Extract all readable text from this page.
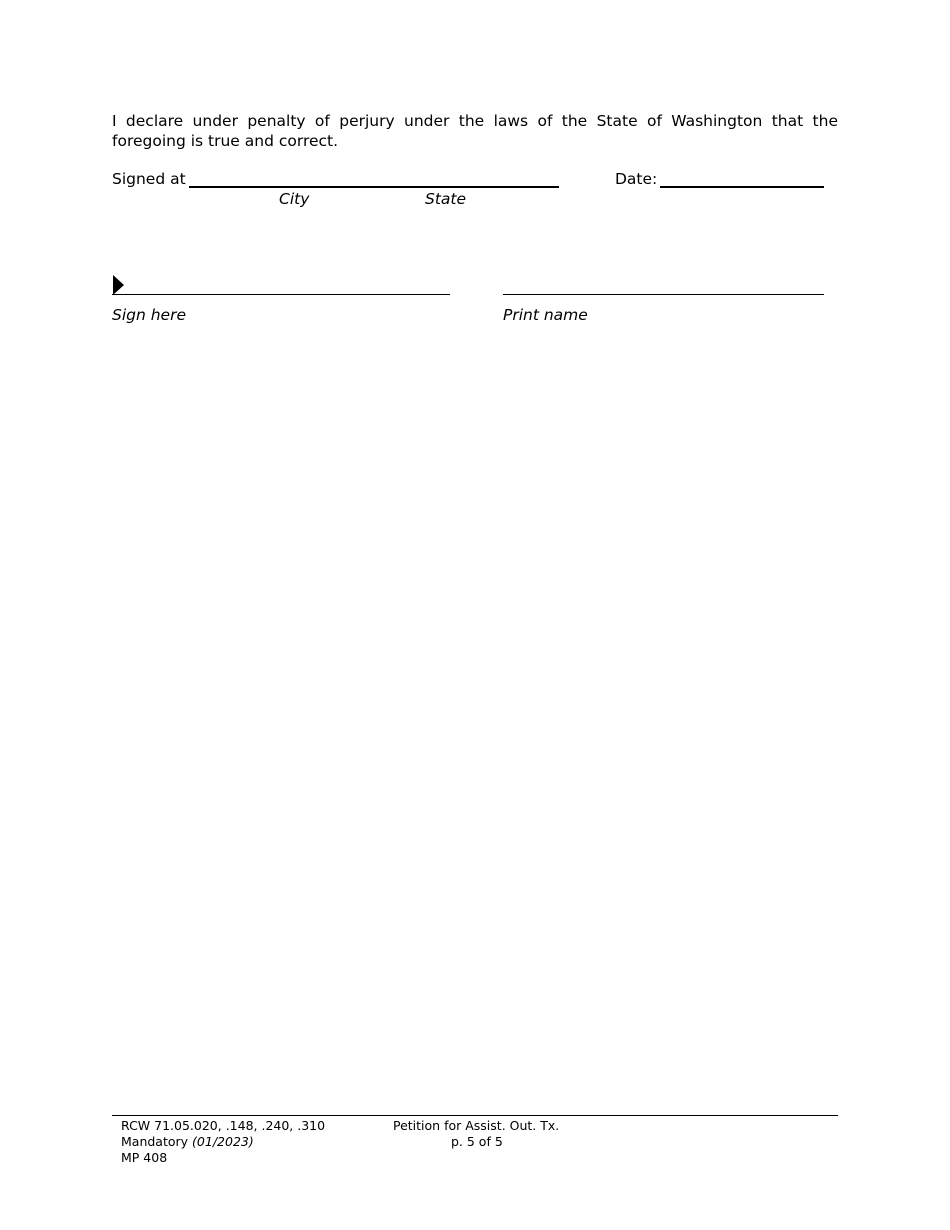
I declare under penalty of perjury under the laws of the State of Washington that the foregoing is true and correct.

Signed at
City	State
Date:
Sign here	Print name
RCW 71.05.020, .148, .240, .310
Mandatory (01/2023)
MP 408
Petition for Assist. Out. Tx.
p. 5 of 5
